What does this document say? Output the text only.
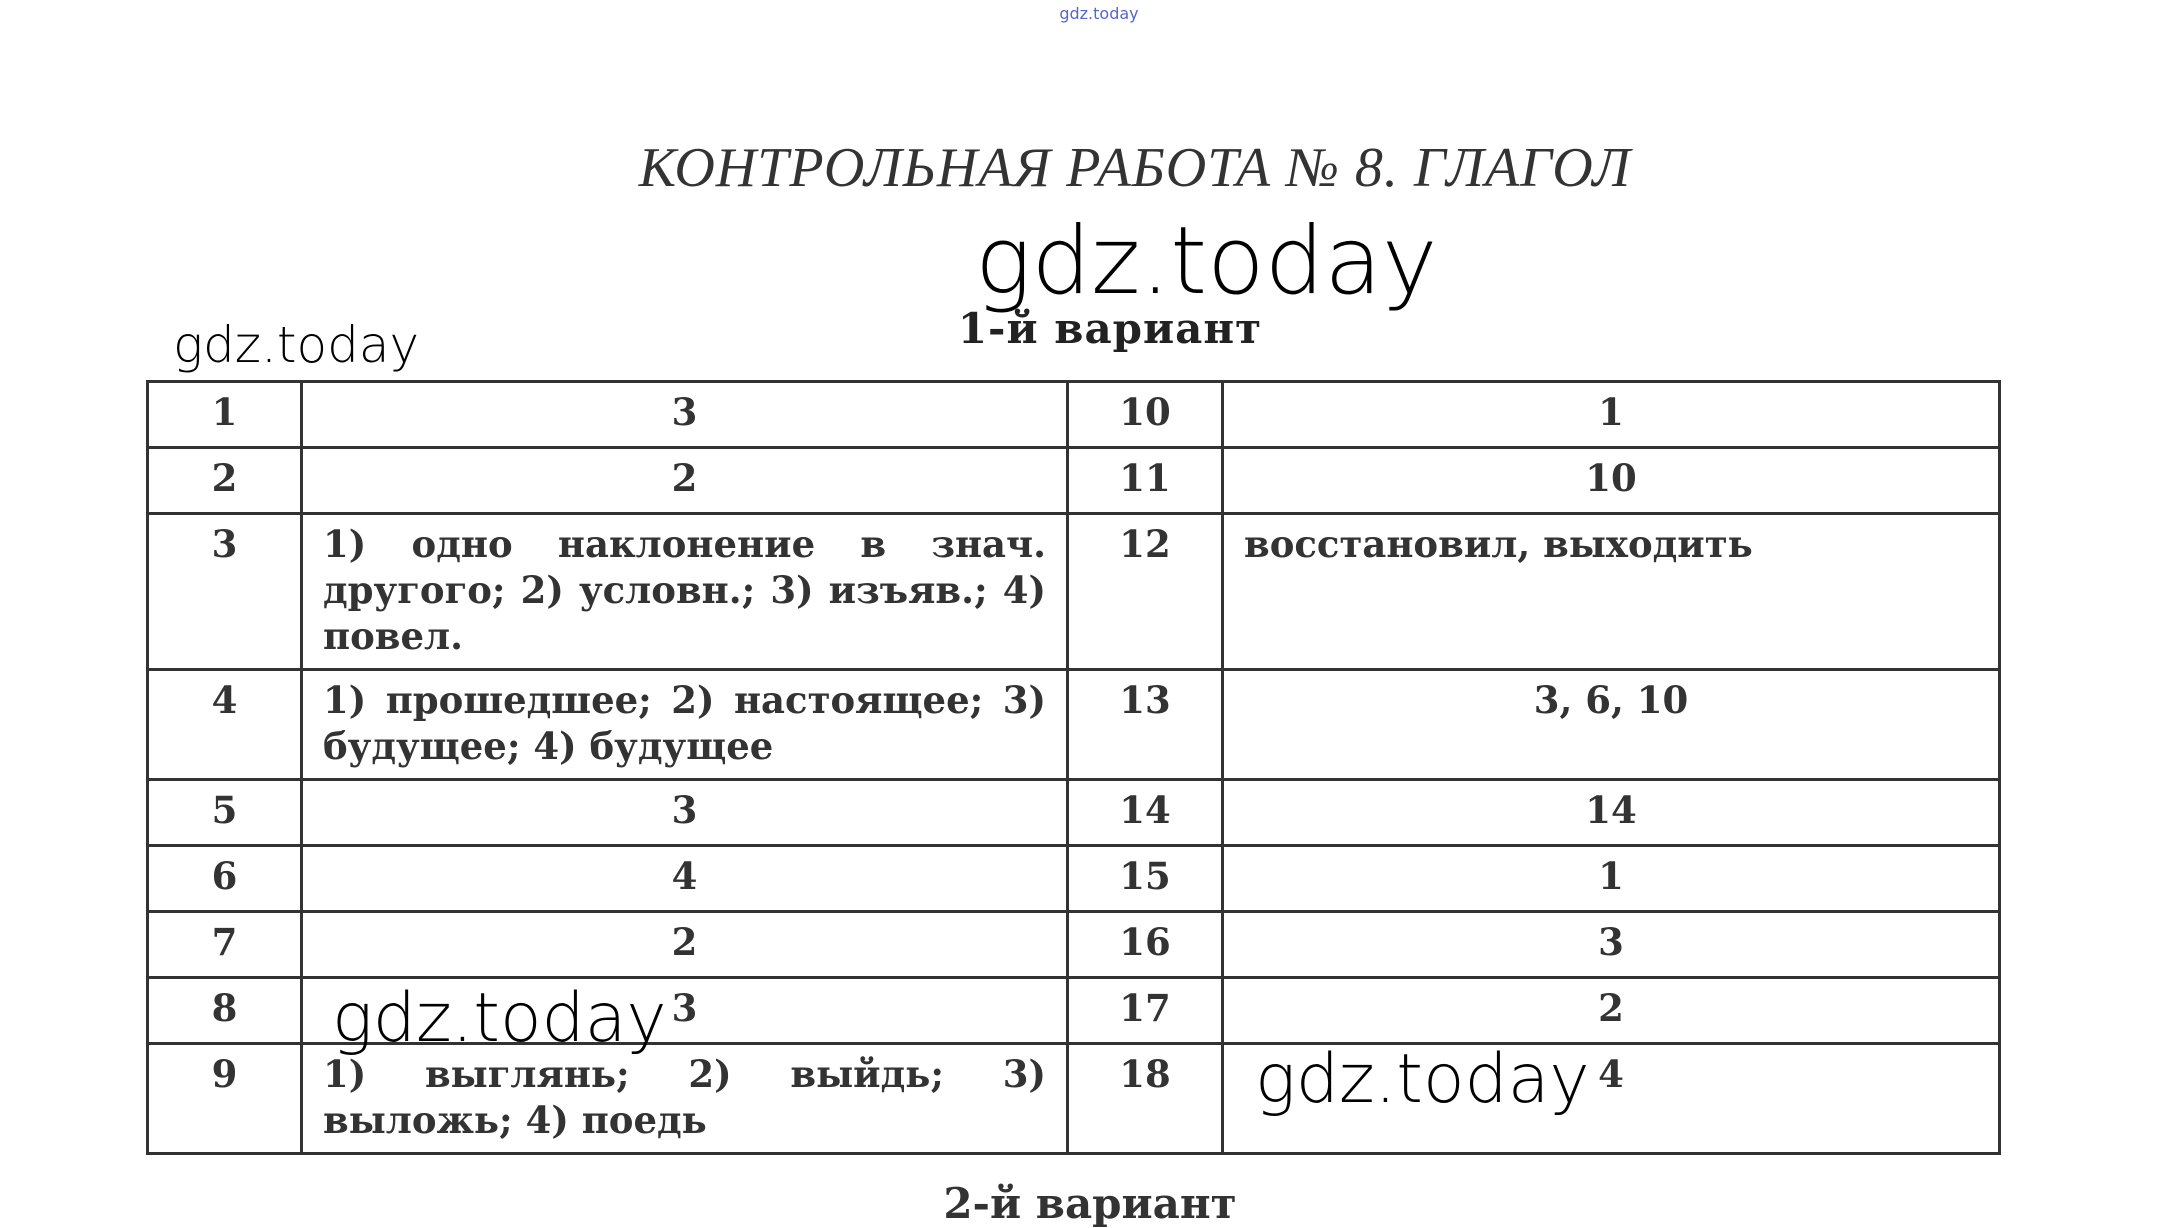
gdz.today
КОНТРОЛЬНАЯ РАБОТА № 8. ГЛАГОЛ
1-й вариант
1	3	10	1
2	2	11	10
3	1) одно наклонение в знач. другого; 2) условн.; 3) изъяв.; 4) повел.	12	восстановил, выходить
4	1) прошедшее; 2) настоящее; 3) будущее; 4) будущее	13	3, 6, 10
5	3	14	14
6	4	15	1
7	2	16	3
8	3	17	2
9	1) выглянь; 2) выйдь; 3) выложь; 4) поедь	18	4
gdz.today
gdz.today
gdz.today
gdz.today
2-й вариант
